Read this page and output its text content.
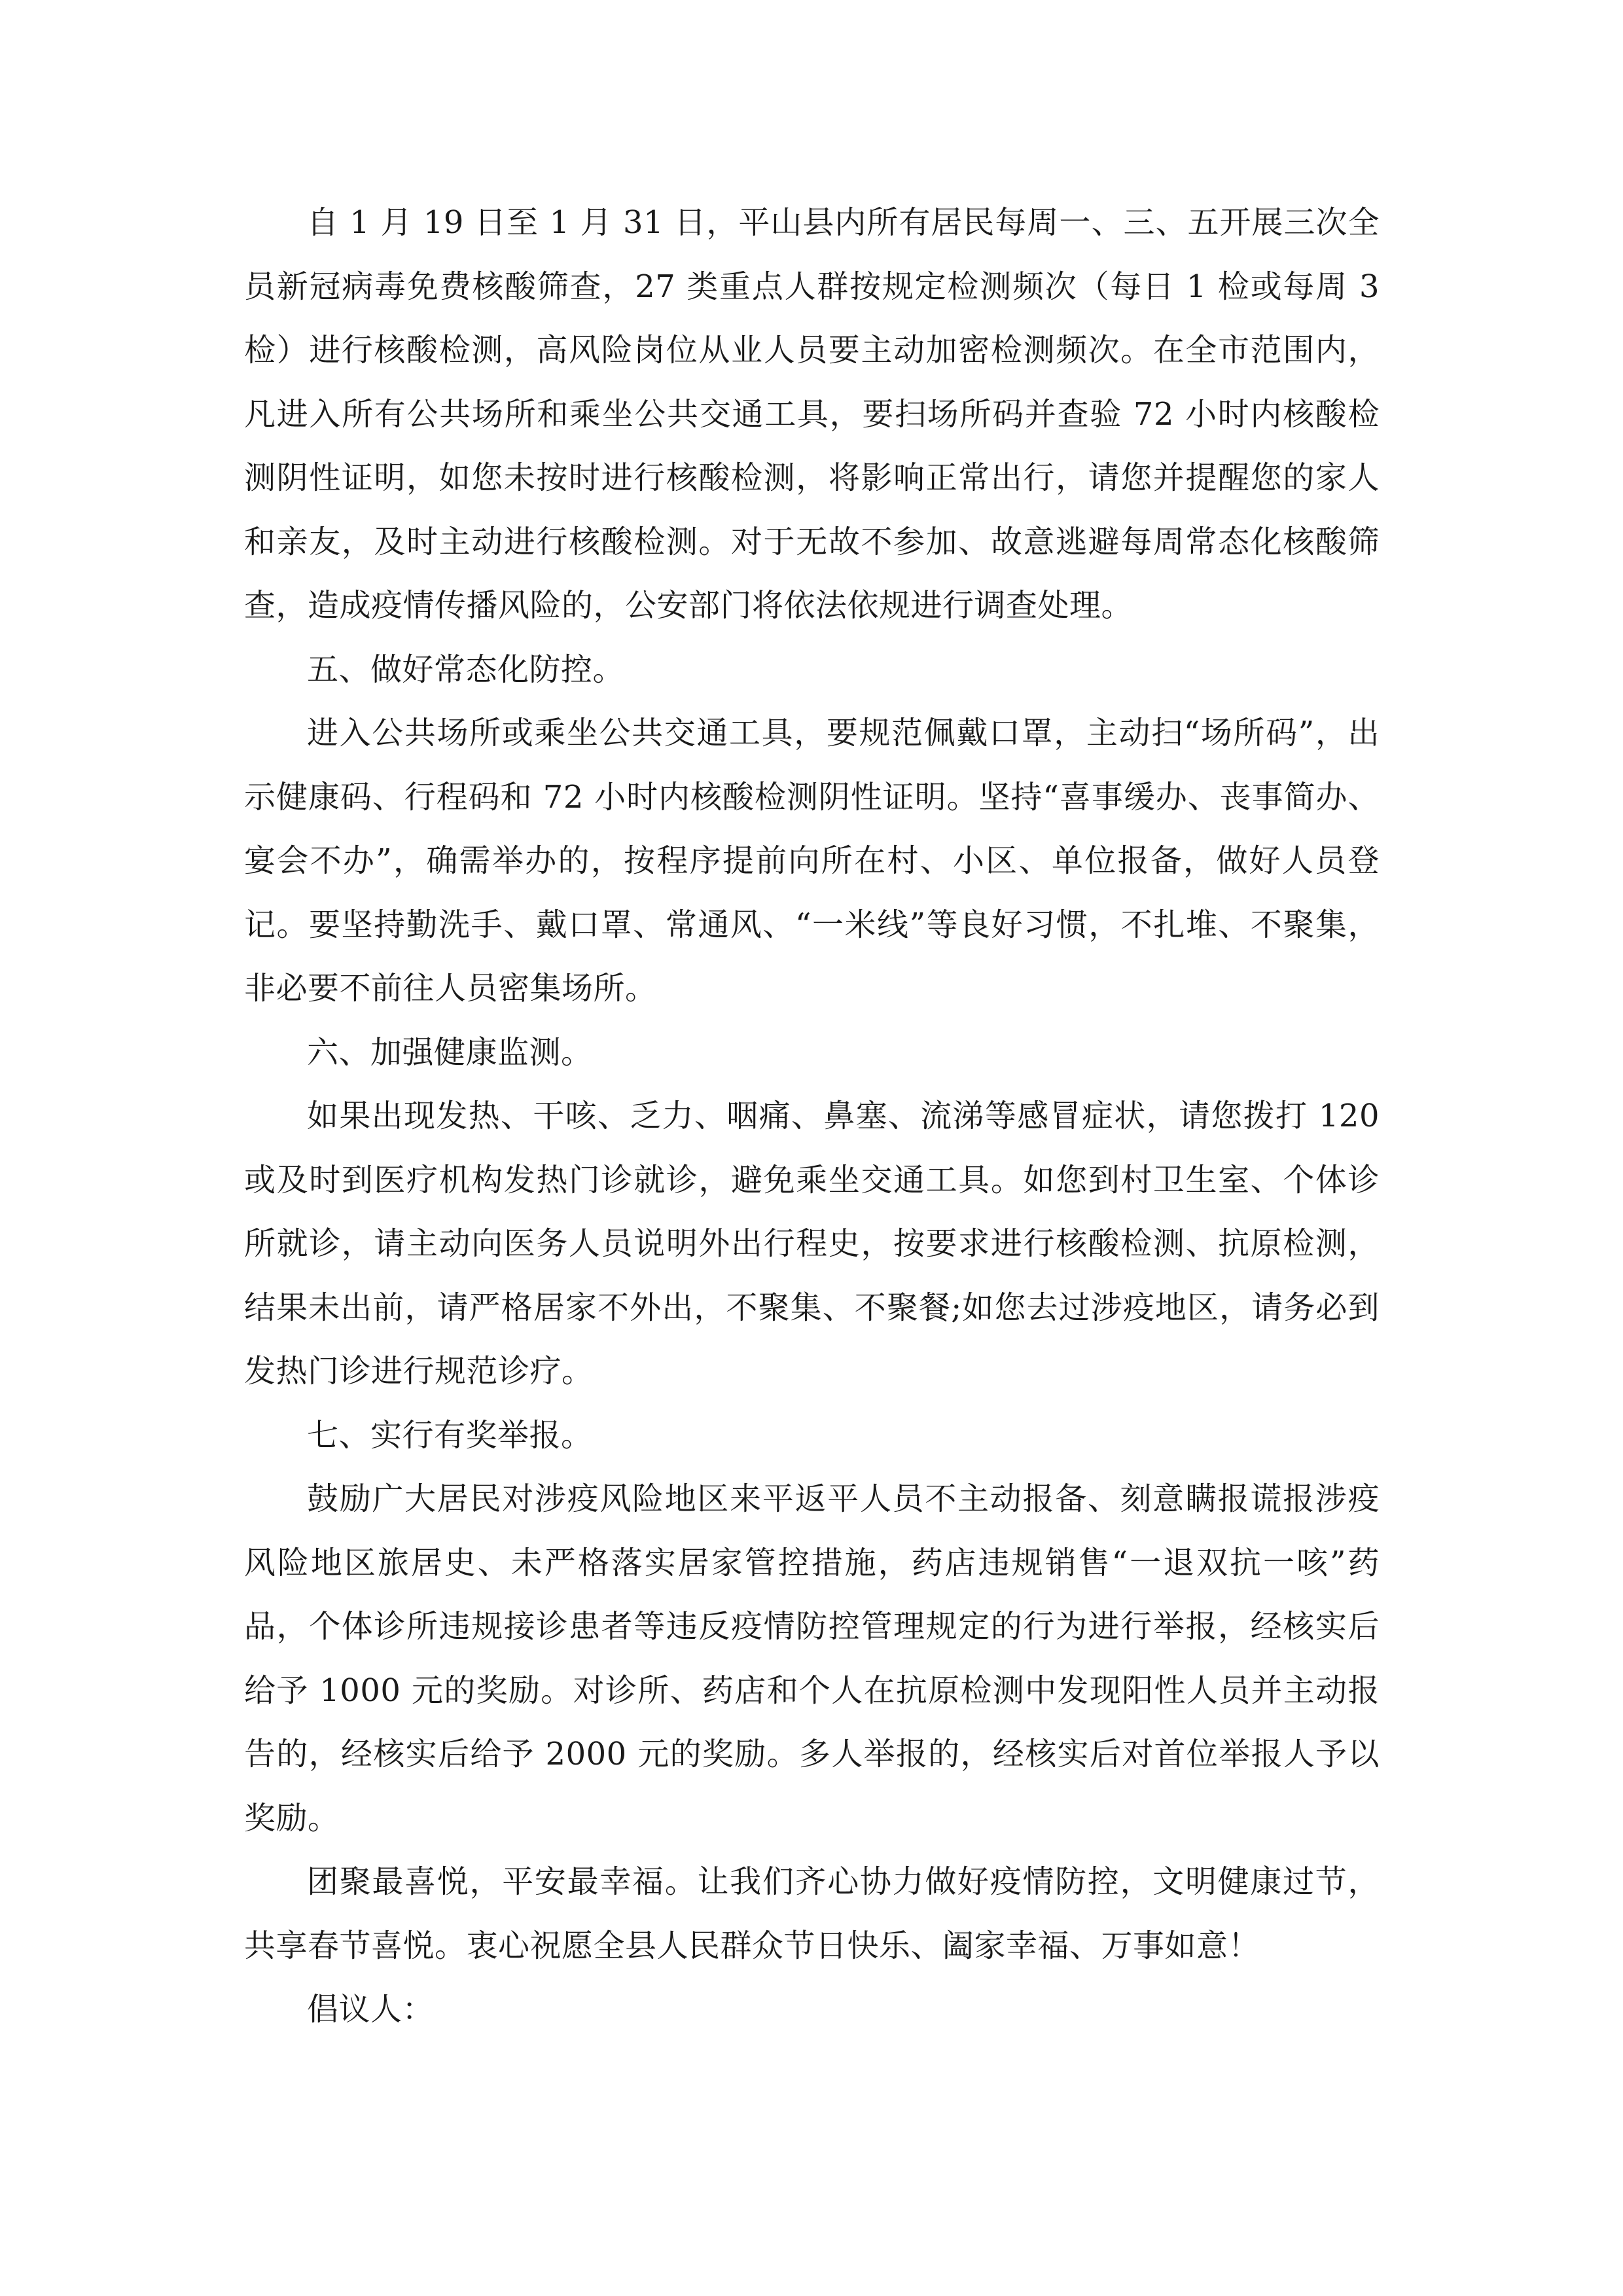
自 1 月 19 日至 1 月 31 日，平山县内所有居民每周一、三、五开展三次全员新冠病毒免费核酸筛查，27 类重点人群按规定检测频次（每日 1 检或每周 3 检）进行核酸检测，高风险岗位从业人员要主动加密检测频次。在全市范围内，凡进入所有公共场所和乘坐公共交通工具，要扫场所码并查验 72 小时内核酸检测阴性证明，如您未按时进行核酸检测，将影响正常出行，请您并提醒您的家人和亲友，及时主动进行核酸检测。对于无故不参加、故意逃避每周常态化核酸筛查，造成疫情传播风险的，公安部门将依法依规进行调查处理。

五、做好常态化防控。

进入公共场所或乘坐公共交通工具，要规范佩戴口罩，主动扫“场所码”，出示健康码、行程码和 72 小时内核酸检测阴性证明。坚持“喜事缓办、丧事简办、宴会不办”，确需举办的，按程序提前向所在村、小区、单位报备，做好人员登记。要坚持勤洗手、戴口罩、常通风、“一米线”等良好习惯，不扎堆、不聚集，非必要不前往人员密集场所。

六、加强健康监测。

如果出现发热、干咳、乏力、咽痛、鼻塞、流涕等感冒症状，请您拨打 120 或及时到医疗机构发热门诊就诊，避免乘坐交通工具。如您到村卫生室、个体诊所就诊，请主动向医务人员说明外出行程史，按要求进行核酸检测、抗原检测，结果未出前，请严格居家不外出，不聚集、不聚餐;如您去过涉疫地区，请务必到发热门诊进行规范诊疗。

七、实行有奖举报。

鼓励广大居民对涉疫风险地区来平返平人员不主动报备、刻意瞒报谎报涉疫风险地区旅居史、未严格落实居家管控措施，药店违规销售“一退双抗一咳”药品，个体诊所违规接诊患者等违反疫情防控管理规定的行为进行举报，经核实后给予 1000 元的奖励。对诊所、药店和个人在抗原检测中发现阳性人员并主动报告的，经核实后给予 2000 元的奖励。多人举报的，经核实后对首位举报人予以奖励。

团聚最喜悦，平安最幸福。让我们齐心协力做好疫情防控，文明健康过节，共享春节喜悦。衷心祝愿全县人民群众节日快乐、阖家幸福、万事如意！

倡议人：
